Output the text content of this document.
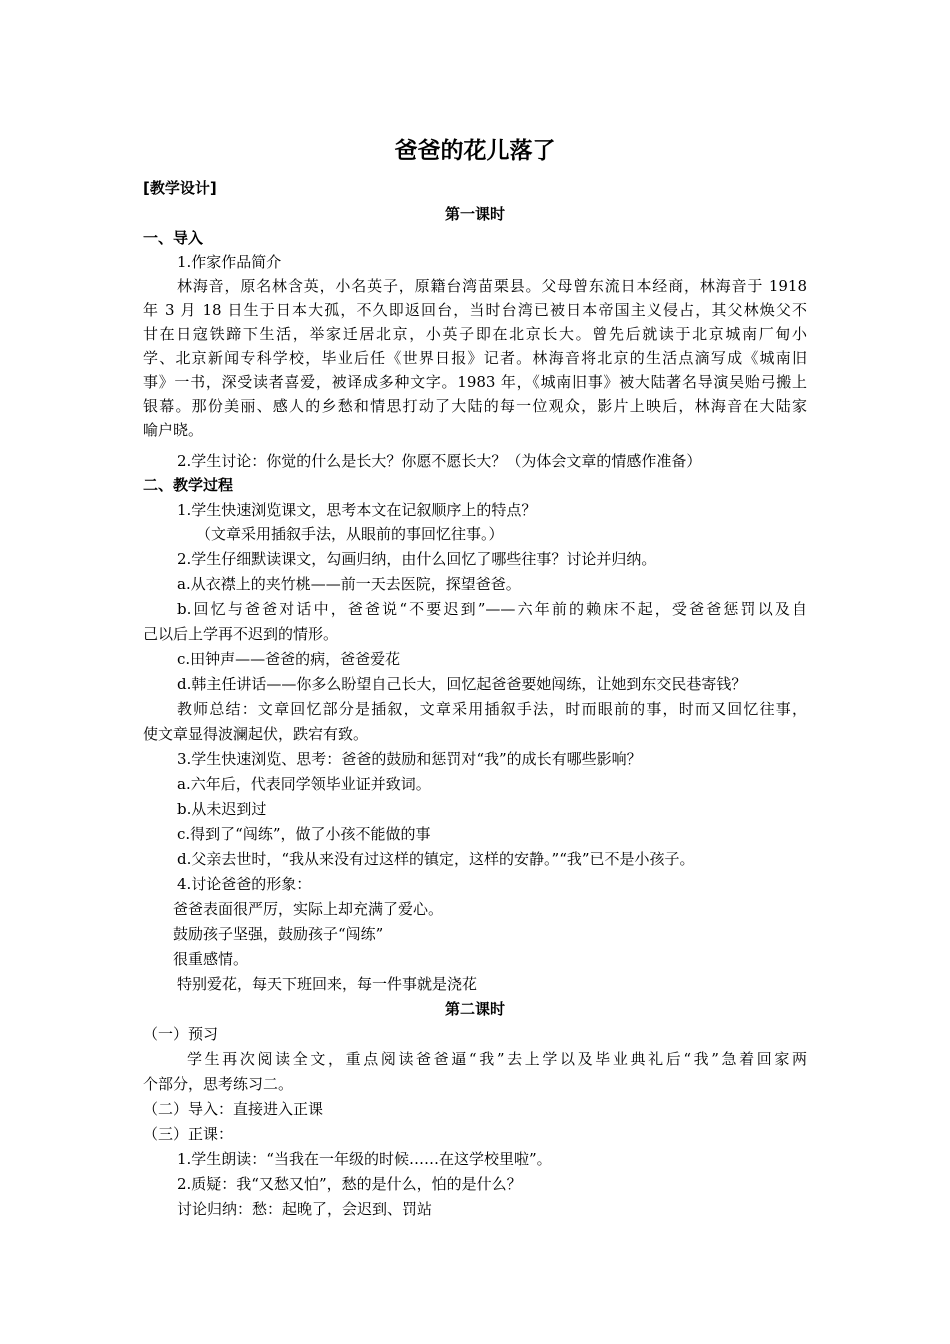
爸爸的花儿落了
[教学设计]
第一课时
一、导入
1.作家作品简介
林海音，原名林含英，小名英子，原籍台湾苗栗县。父母曾东流日本经商，林海音于 1918
年 3 月 18 日生于日本大孤，不久即返回台，当时台湾已被日本帝国主义侵占，其父林焕父不
甘在日寇铁蹄下生活，举家迁居北京，小英子即在北京长大。曾先后就读于北京城南厂甸小
学、北京新闻专科学校，毕业后任《世界日报》记者。林海音将北京的生活点滴写成《城南旧
事》一书，深受读者喜爱，被译成多种文字。1983 年，《城南旧事》被大陆著名导演吴贻弓搬上
银幕。那份美丽、感人的乡愁和情思打动了大陆的每一位观众，影片上映后，林海音在大陆家
喻户晓。
2.学生讨论：你觉的什么是长大？你愿不愿长大？（为体会文章的情感作准备）
二、教学过程
1.学生快速浏览课文，思考本文在记叙顺序上的特点？
（文章采用插叙手法，从眼前的事回忆往事。）
2.学生仔细默读课文，勾画归纳，由什么回忆了哪些往事？讨论并归纳。
a.从衣襟上的夹竹桃——前一天去医院，探望爸爸。
b.回忆与爸爸对话中，爸爸说“不要迟到”——六年前的赖床不起，受爸爸惩罚以及自
己以后上学再不迟到的情形。
c.田钟声——爸爸的病，爸爸爱花
d.韩主任讲话——你多么盼望自己长大，回忆起爸爸要她闯练，让她到东交民巷寄钱？
教师总结：文章回忆部分是插叙，文章采用插叙手法，时而眼前的事，时而又回忆往事，
使文章显得波澜起伏，跌宕有致。
3.学生快速浏览、思考：爸爸的鼓励和惩罚对“我”的成长有哪些影响？
a.六年后，代表同学领毕业证并致词。
b.从未迟到过
c.得到了“闯练”，做了小孩不能做的事
d.父亲去世时，“我从来没有过这样的镇定，这样的安静。”“我”已不是小孩子。
4.讨论爸爸的形象：
爸爸表面很严厉，实际上却充满了爱心。
鼓励孩子坚强，鼓励孩子“闯练”
很重感情。
特别爱花，每天下班回来，每一件事就是浇花
第二课时
（一）预习
学生再次阅读全文，重点阅读爸爸逼“我”去上学以及毕业典礼后“我”急着回家两
个部分，思考练习二。
（二）导入：直接进入正课
（三）正课：
1.学生朗读：“当我在一年级的时候……在这学校里啦”。
2.质疑：我“又愁又怕”，愁的是什么，怕的是什么？
讨论归纳：愁：起晚了，会迟到、罚站
